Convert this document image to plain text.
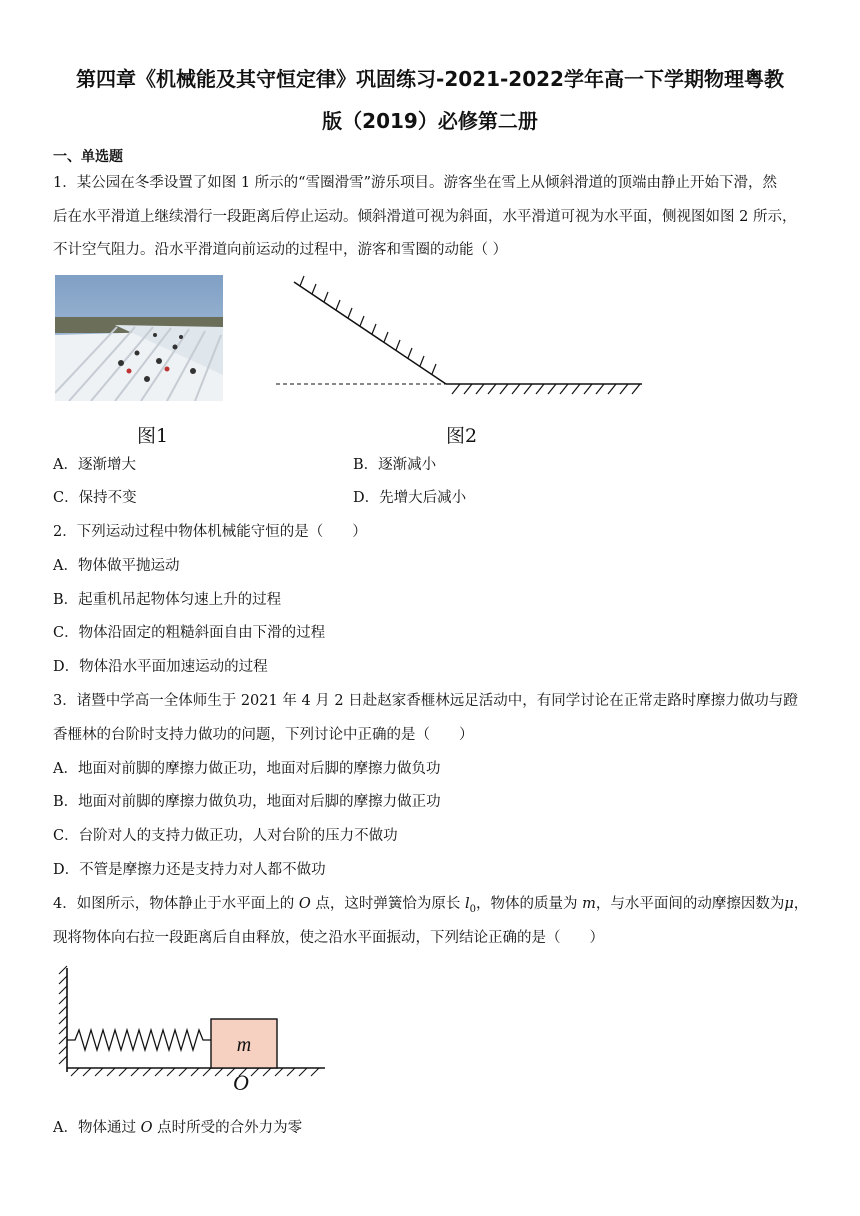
第四章《机械能及其守恒定律》巩固练习-2021-2022学年高一下学期物理粤教
版（2019）必修第二册
一、单选题
1．某公园在冬季设置了如图 1 所示的“雪圈滑雪”游乐项目。游客坐在雪上从倾斜滑道的顶端由静止开始下滑，然
后在水平滑道上继续滑行一段距离后停止运动。倾斜滑道可视为斜面，水平滑道可视为水平面，侧视图如图 2 所示，
不计空气阻力。沿水平滑道向前运动的过程中，游客和雪圈的动能（ ）
图1	图2
A．逐渐增大	B．逐渐减小
C．保持不变	D．先增大后减小
2．下列运动过程中物体机械能守恒的是（　　）
A．物体做平抛运动
B．起重机吊起物体匀速上升的过程
C．物体沿固定的粗糙斜面自由下滑的过程
D．物体沿水平面加速运动的过程
3．诸暨中学高一全体师生于 2021 年 4 月 2 日赴赵家香榧林远足活动中，有同学讨论在正常走路时摩擦力做功与蹬
香榧林的台阶时支持力做功的问题，下列讨论中正确的是（　　）
A．地面对前脚的摩擦力做正功，地面对后脚的摩擦力做负功
B．地面对前脚的摩擦力做负功，地面对后脚的摩擦力做正功
C．台阶对人的支持力做正功，人对台阶的压力不做功
D．不管是摩擦力还是支持力对人都不做功
4．如图所示，物体静止于水平面上的 O 点，这时弹簧恰为原长 $l_0$，物体的质量为 m，与水平面间的动摩擦因数为μ，
现将物体向右拉一段距离后自由释放，使之沿水平面振动，下列结论正确的是（　　）
m
O
A．物体通过 O 点时所受的合外力为零
